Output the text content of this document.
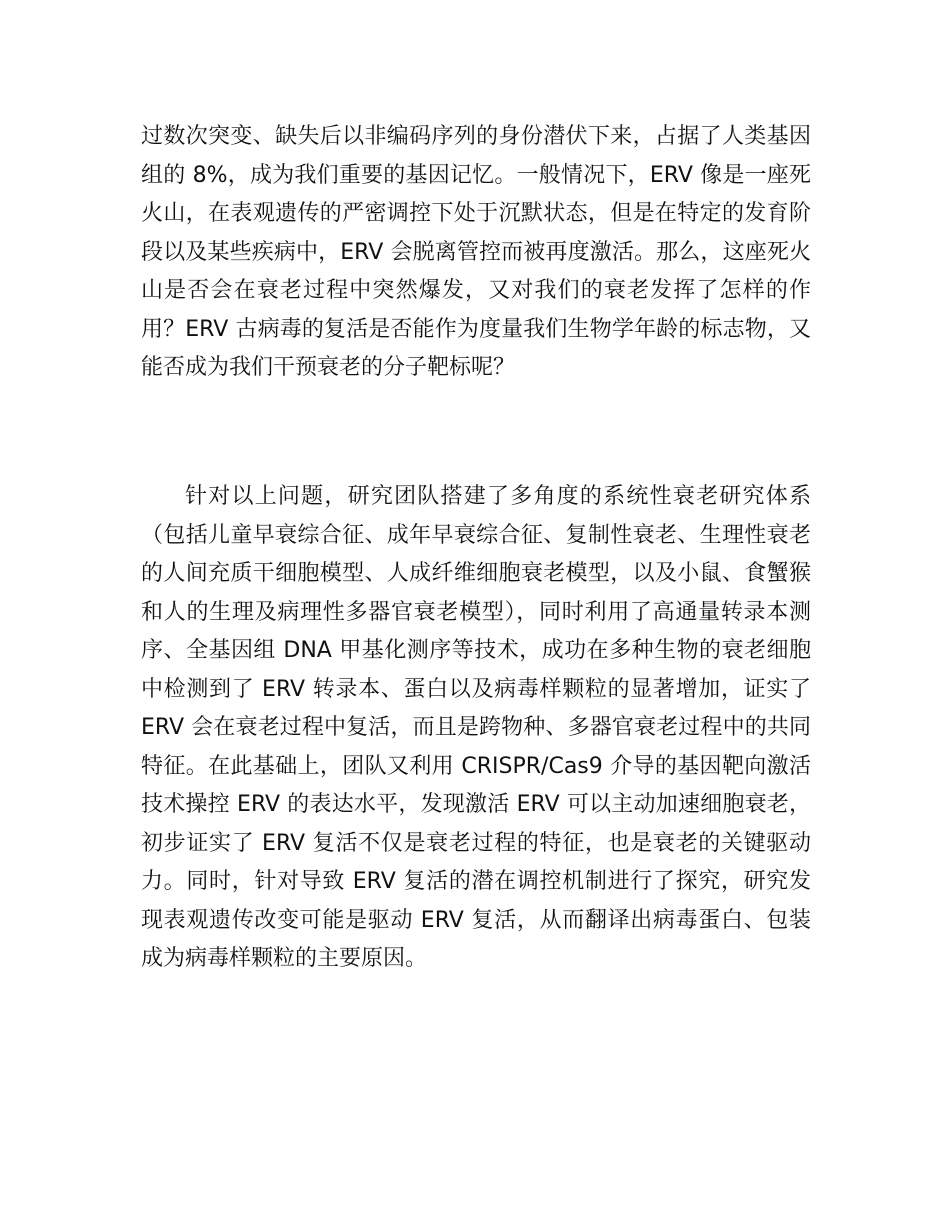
过数次突变、缺失后以非编码序列的身份潜伏下来，占据了人类基因组的 8%，成为我们重要的基因记忆。一般情况下，ERV 像是一座死火山，在表观遗传的严密调控下处于沉默状态，但是在特定的发育阶段以及某些疾病中，ERV 会脱离管控而被再度激活。那么，这座死火山是否会在衰老过程中突然爆发，又对我们的衰老发挥了怎样的作用？ERV 古病毒的复活是否能作为度量我们生物学年龄的标志物，又能否成为我们干预衰老的分子靶标呢？

针对以上问题，研究团队搭建了多角度的系统性衰老研究体系（包括儿童早衰综合征、成年早衰综合征、复制性衰老、生理性衰老的人间充质干细胞模型、人成纤维细胞衰老模型，以及小鼠、食蟹猴和人的生理及病理性多器官衰老模型），同时利用了高通量转录本测序、全基因组 DNA 甲基化测序等技术，成功在多种生物的衰老细胞中检测到了 ERV 转录本、蛋白以及病毒样颗粒的显著增加，证实了 ERV 会在衰老过程中复活，而且是跨物种、多器官衰老过程中的共同特征。在此基础上，团队又利用 CRISPR/Cas9 介导的基因靶向激活技术操控 ERV 的表达水平，发现激活 ERV 可以主动加速细胞衰老，初步证实了 ERV 复活不仅是衰老过程的特征，也是衰老的关键驱动力。同时，针对导致 ERV 复活的潜在调控机制进行了探究，研究发现表观遗传改变可能是驱动 ERV 复活，从而翻译出病毒蛋白、包装成为病毒样颗粒的主要原因。
